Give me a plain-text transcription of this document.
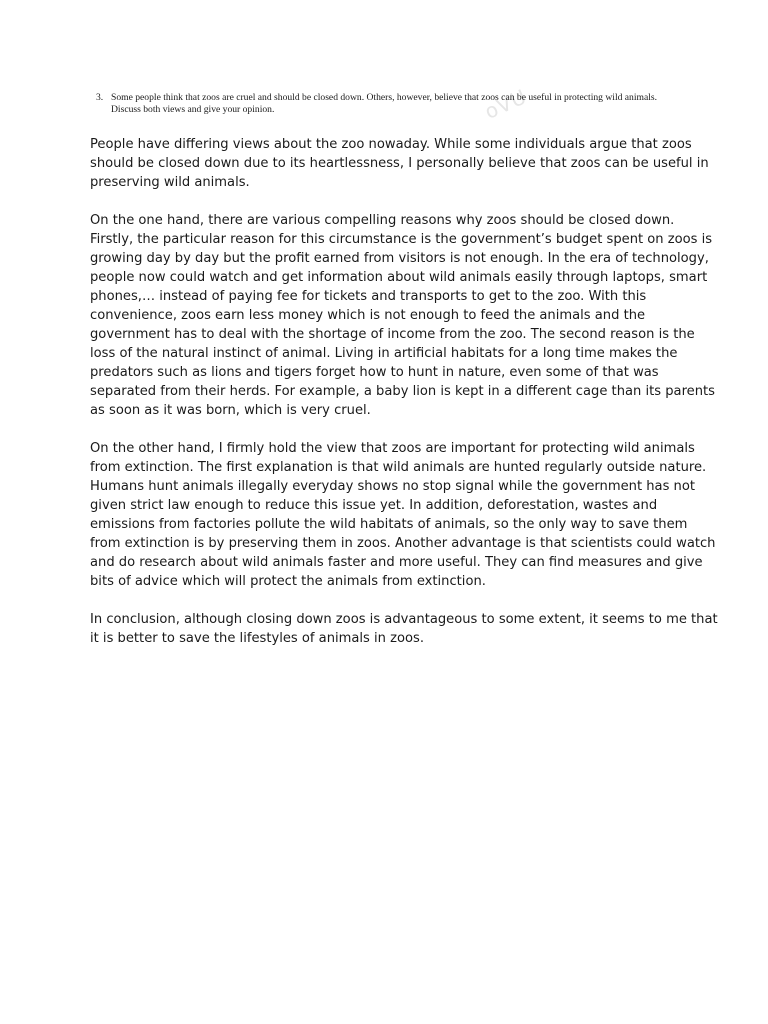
oVU
3. Some people think that zoos are cruel and should be closed down. Others, however, believe that zoos can be useful in protecting wild animals.
Discuss both views and give your opinion.

People have differing views about the zoo nowaday. While some individuals argue that zoos
should be closed down due to its heartlessness, I personally believe that zoos can be useful in
preserving wild animals.

On the one hand, there are various compelling reasons why zoos should be closed down.
Firstly, the particular reason for this circumstance is the government’s budget spent on zoos is
growing day by day but the profit earned from visitors is not enough. In the era of technology,
people now could watch and get information about wild animals easily through laptops, smart
phones,… instead of paying fee for tickets and transports to get to the zoo. With this
convenience, zoos earn less money which is not enough to feed the animals and the
government has to deal with the shortage of income from the zoo. The second reason is the
loss of the natural instinct of animal. Living in artificial habitats for a long time makes the
predators such as lions and tigers forget how to hunt in nature, even some of that was
separated from their herds. For example, a baby lion is kept in a different cage than its parents
as soon as it was born, which is very cruel.

On the other hand, I firmly hold the view that zoos are important for protecting wild animals
from extinction. The first explanation is that wild animals are hunted regularly outside nature.
Humans hunt animals illegally everyday shows no stop signal while the government has not
given strict law enough to reduce this issue yet. In addition, deforestation, wastes and
emissions from factories pollute the wild habitats of animals, so the only way to save them
from extinction is by preserving them in zoos. Another advantage is that scientists could watch
and do research about wild animals faster and more useful. They can find measures and give
bits of advice which will protect the animals from extinction.

In conclusion, although closing down zoos is advantageous to some extent, it seems to me that
it is better to save the lifestyles of animals in zoos.
